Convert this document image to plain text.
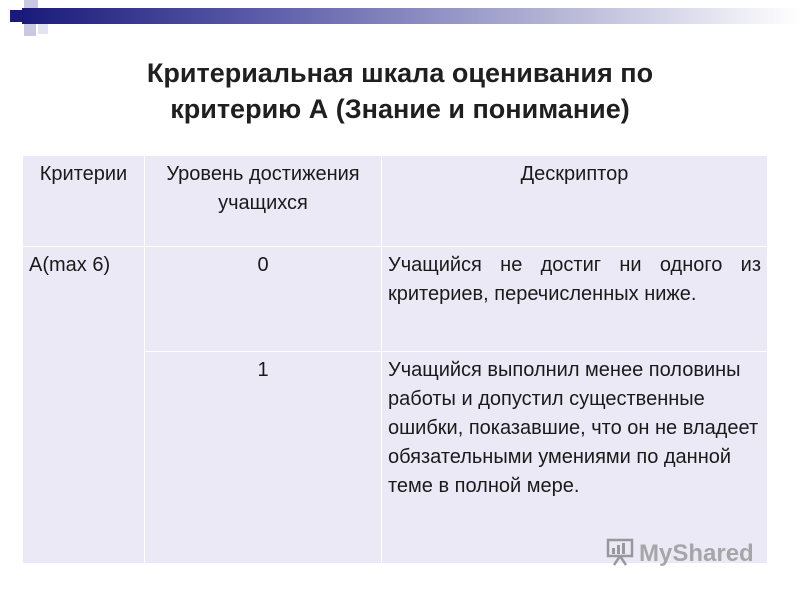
Критериальная шкала оценивания по
критерию А (Знание и понимание)
Критерии	Уровень достижения учащихся	Дескриптор
А(max 6)	0	Учащийся не достиг ни одного из критериев, перечисленных ниже.
	1	Учащийся выполнил менее половины работы и допустил существенные ошибки, показавшие, что он не владеет обязательными умениями по данной теме в полной мере.
MyShared
